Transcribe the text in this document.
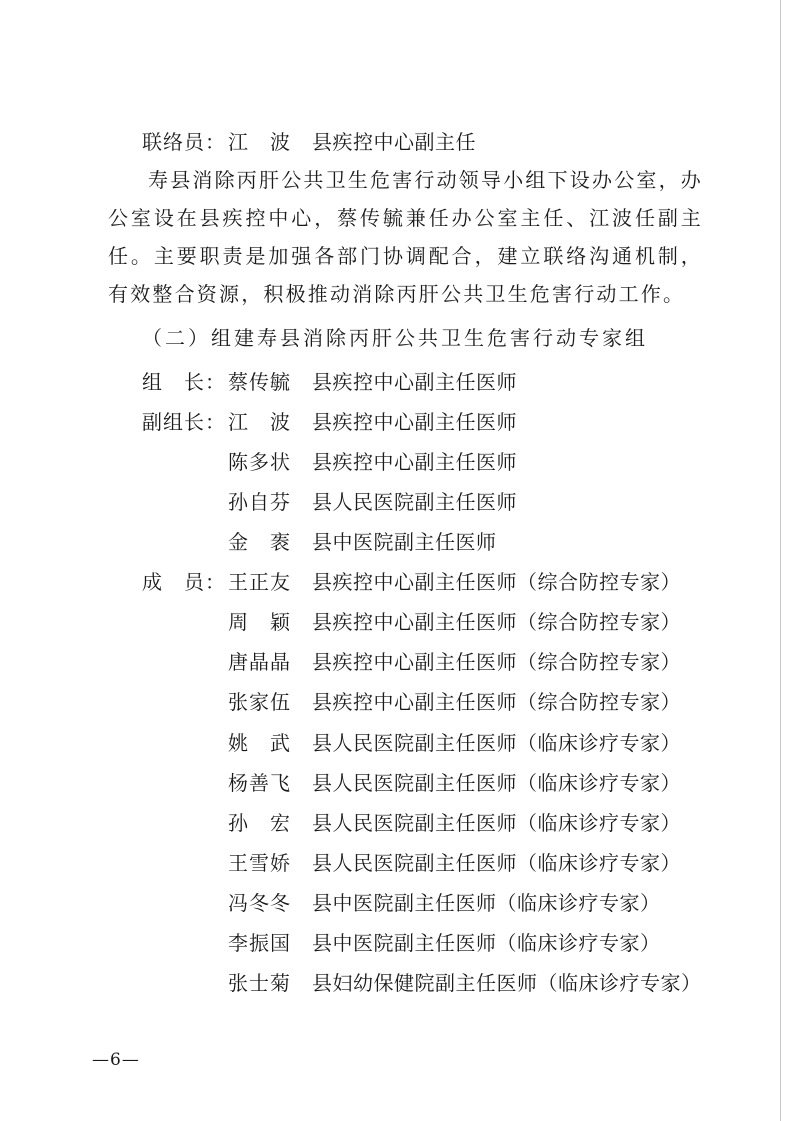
联络员： 江　波	县疾控中心副主任

寿县消除丙肝公共卫生危害行动领导小组下设办公室，办公室设在县疾控中心，蔡传毓兼任办公室主任、江波任副主任。主要职责是加强各部门协调配合，建立联络沟通机制，有效整合资源，积极推动消除丙肝公共卫生危害行动工作。

（二）组建寿县消除丙肝公共卫生危害行动专家组
组　长： 蔡传毓	县疾控中心副主任医师
副组长： 江　波	县疾控中心副主任医师
陈多状	县疾控中心副主任医师
孙自芬	县人民医院副主任医师
金　袠	县中医院副主任医师
成　员： 王正友	县疾控中心副主任医师（综合防控专家）
周　颖	县疾控中心副主任医师（综合防控专家）
唐晶晶	县疾控中心副主任医师（综合防控专家）
张家伍	县疾控中心副主任医师（综合防控专家）
姚　武	县人民医院副主任医师（临床诊疗专家）
杨善飞	县人民医院副主任医师（临床诊疗专家）
孙　宏	县人民医院副主任医师（临床诊疗专家）
王雪娇	县人民医院副主任医师（临床诊疗专家）
冯冬冬	县中医院副主任医师（临床诊疗专家）
李振国	县中医院副主任医师（临床诊疗专家）
张士菊	县妇幼保健院副主任医师（临床诊疗专家）
—6—
